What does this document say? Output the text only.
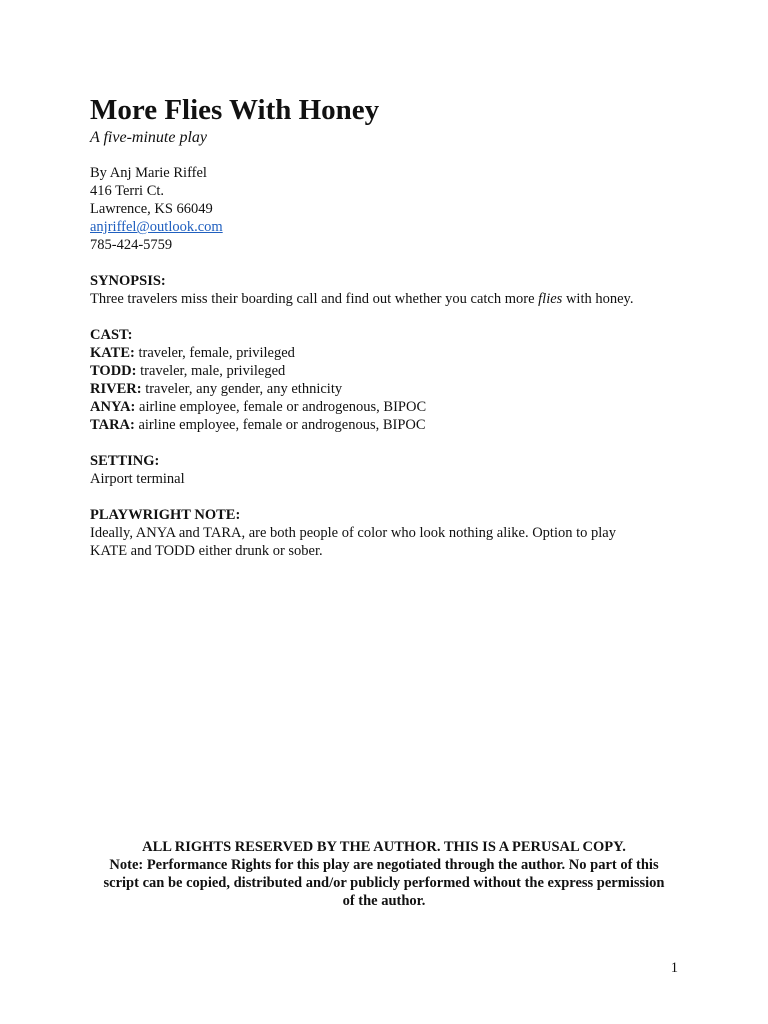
More Flies With Honey
A five-minute play
By Anj Marie Riffel
416 Terri Ct.
Lawrence, KS 66049
anjriffel@outlook.com
785-424-5759
SYNOPSIS:
Three travelers miss their boarding call and find out whether you catch more flies with honey.
CAST:
KATE: traveler, female, privileged
TODD: traveler, male, privileged
RIVER: traveler, any gender, any ethnicity
ANYA: airline employee, female or androgenous, BIPOC
TARA: airline employee, female or androgenous, BIPOC
SETTING:
Airport terminal
PLAYWRIGHT NOTE:
Ideally, ANYA and TARA, are both people of color who look nothing alike. Option to play
KATE and TODD either drunk or sober.
ALL RIGHTS RESERVED BY THE AUTHOR. THIS IS A PERUSAL COPY.
Note: Performance Rights for this play are negotiated through the author. No part of this
script can be copied, distributed and/or publicly performed without the express permission
of the author.
1
